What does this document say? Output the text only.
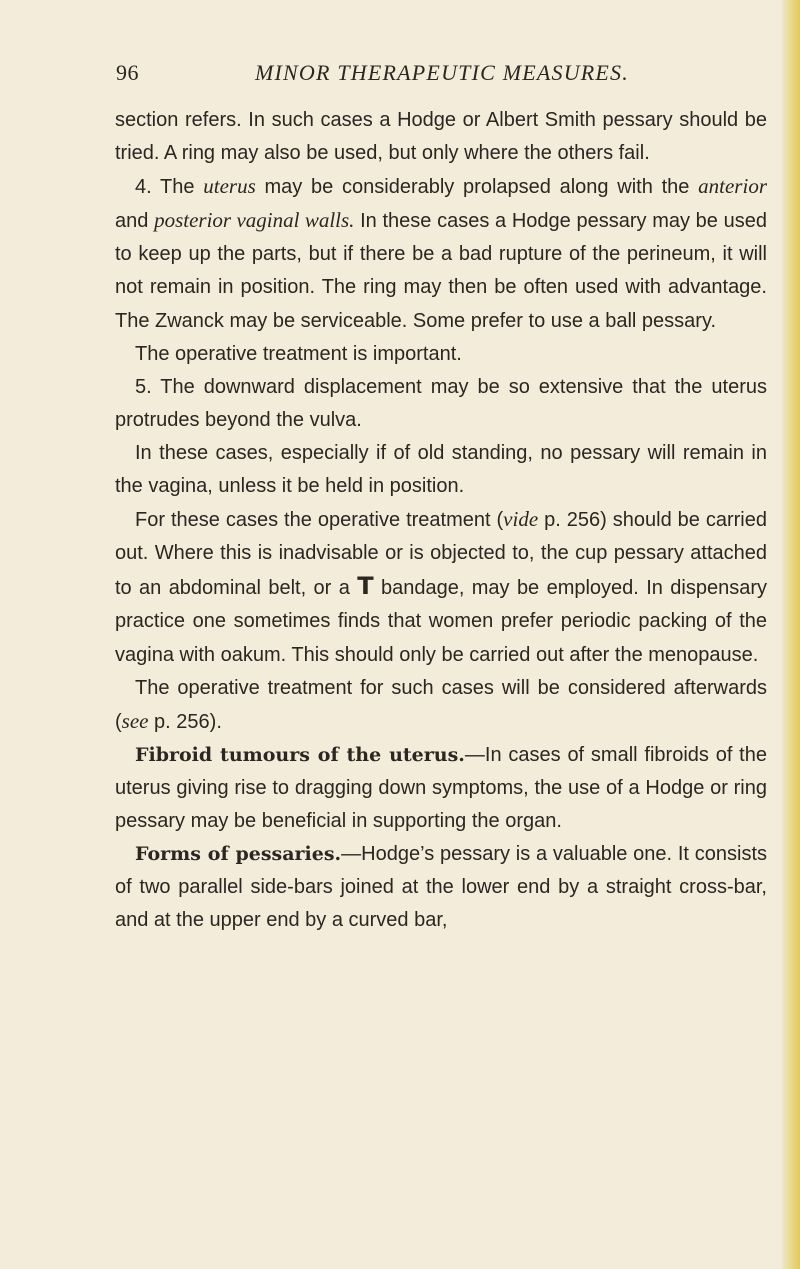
96	MINOR THERAPEUTIC MEASURES.

section refers. In such cases a Hodge or Albert Smith pessary should be tried. A ring may also be used, but only where the others fail.

4. The uterus may be considerably prolapsed along with the anterior and posterior vaginal walls. In these cases a Hodge pessary may be used to keep up the parts, but if there be a bad rupture of the perineum, it will not remain in position. The ring may then be often used with advantage. The Zwanck may be serviceable. Some prefer to use a ball pessary.

The operative treatment is important.

5. The downward displacement may be so extensive that the uterus protrudes beyond the vulva.

In these cases, especially if of old standing, no pessary will remain in the vagina, unless it be held in position.

For these cases the operative treatment (vide p. 256) should be carried out. Where this is inadvisable or is objected to, the cup pessary attached to an abdominal belt, or a T bandage, may be employed. In dispensary practice one sometimes finds that women prefer periodic packing of the vagina with oakum. This should only be carried out after the menopause.

The operative treatment for such cases will be considered afterwards (see p. 256).

Fibroid tumours of the uterus.—In cases of small fibroids of the uterus giving rise to dragging down symptoms, the use of a Hodge or ring pessary may be beneficial in supporting the organ.

Forms of pessaries.—Hodge’s pessary is a valuable one. It consists of two parallel side-bars joined at the lower end by a straight cross-bar, and at the upper end by a curved bar,
